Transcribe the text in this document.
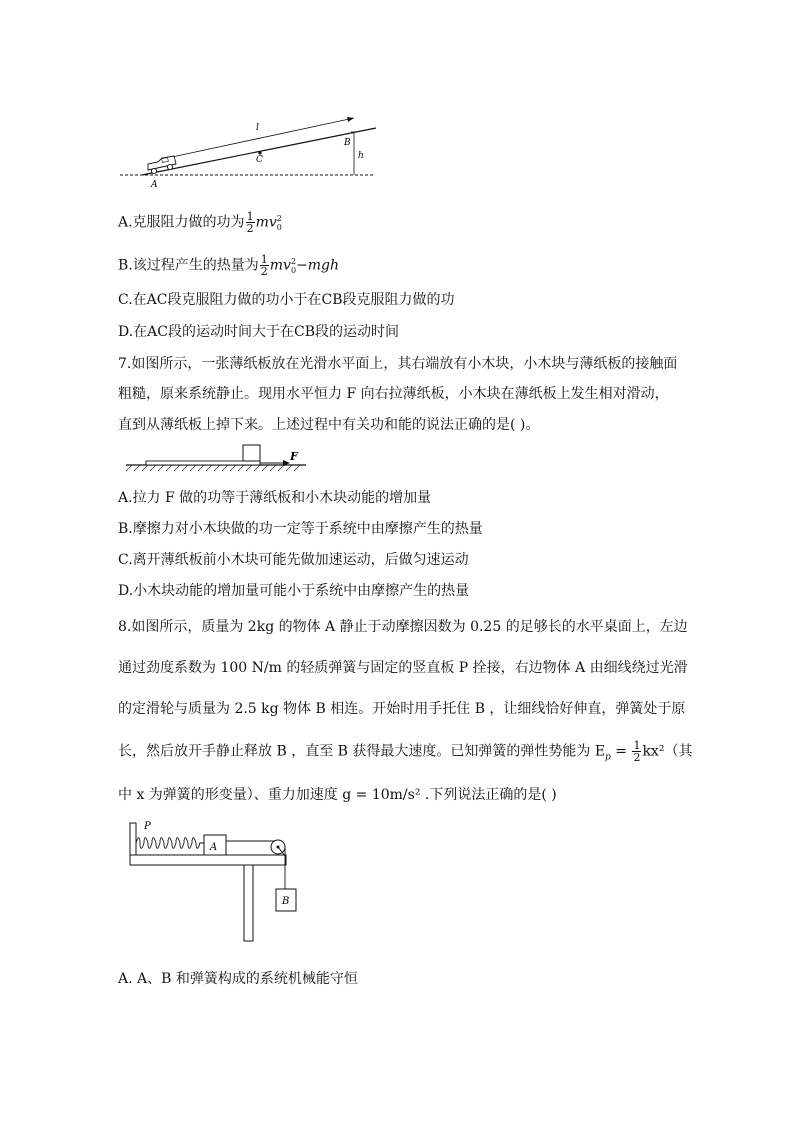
l
C
B
h
A
A.克服阻力做的功为 $\frac{1}{2}$ mv 2
0
B.该过程产生的热量为 $\frac{1}{2}$ mv 2
0 −mgh
C.在AC段克服阻力做的功小于在CB段克服阻力做的功
D.在AC段的运动时间大于在CB段的运动时间
7.如图所示，一张薄纸板放在光滑水平面上，其右端放有小木块，小木块与薄纸板的接触面
粗糙，原来系统静止。现用水平恒力 F 向右拉薄纸板，小木块在薄纸板上发生相对滑动，
直到从薄纸板上掉下来。上述过程中有关功和能的说法正确的是( )。
F
A.拉力 F 做的功等于薄纸板和小木块动能的增加量
B.摩擦力对小木块做的功一定等于系统中由摩擦产生的热量
C.离开薄纸板前小木块可能先做加速运动，后做匀速运动
D.小木块动能的增加量可能小于系统中由摩擦产生的热量
8.如图所示，质量为 2kg 的物体 A 静止于动摩擦因数为 0.25 的足够长的水平桌面上，左边
通过劲度系数为 100 N/m 的轻质弹簧与固定的竖直板 P 拴接，右边物体 A 由细线绕过光滑
的定滑轮与质量为 2.5 kg 物体 B 相连。开始时用手托住 B ，让细线恰好伸直，弹簧处于原
长，然后放开手静止释放 B ，直至 B 获得最大速度。已知弹簧的弹性势能为 $E_p = \frac{1}{2} kx^2$（其
中 x 为弹簧的形变量）、重力加速度 g = 10m/s² .下列说法正确的是( )
P
A
B
A. A、B 和弹簧构成的系统机械能守恒
